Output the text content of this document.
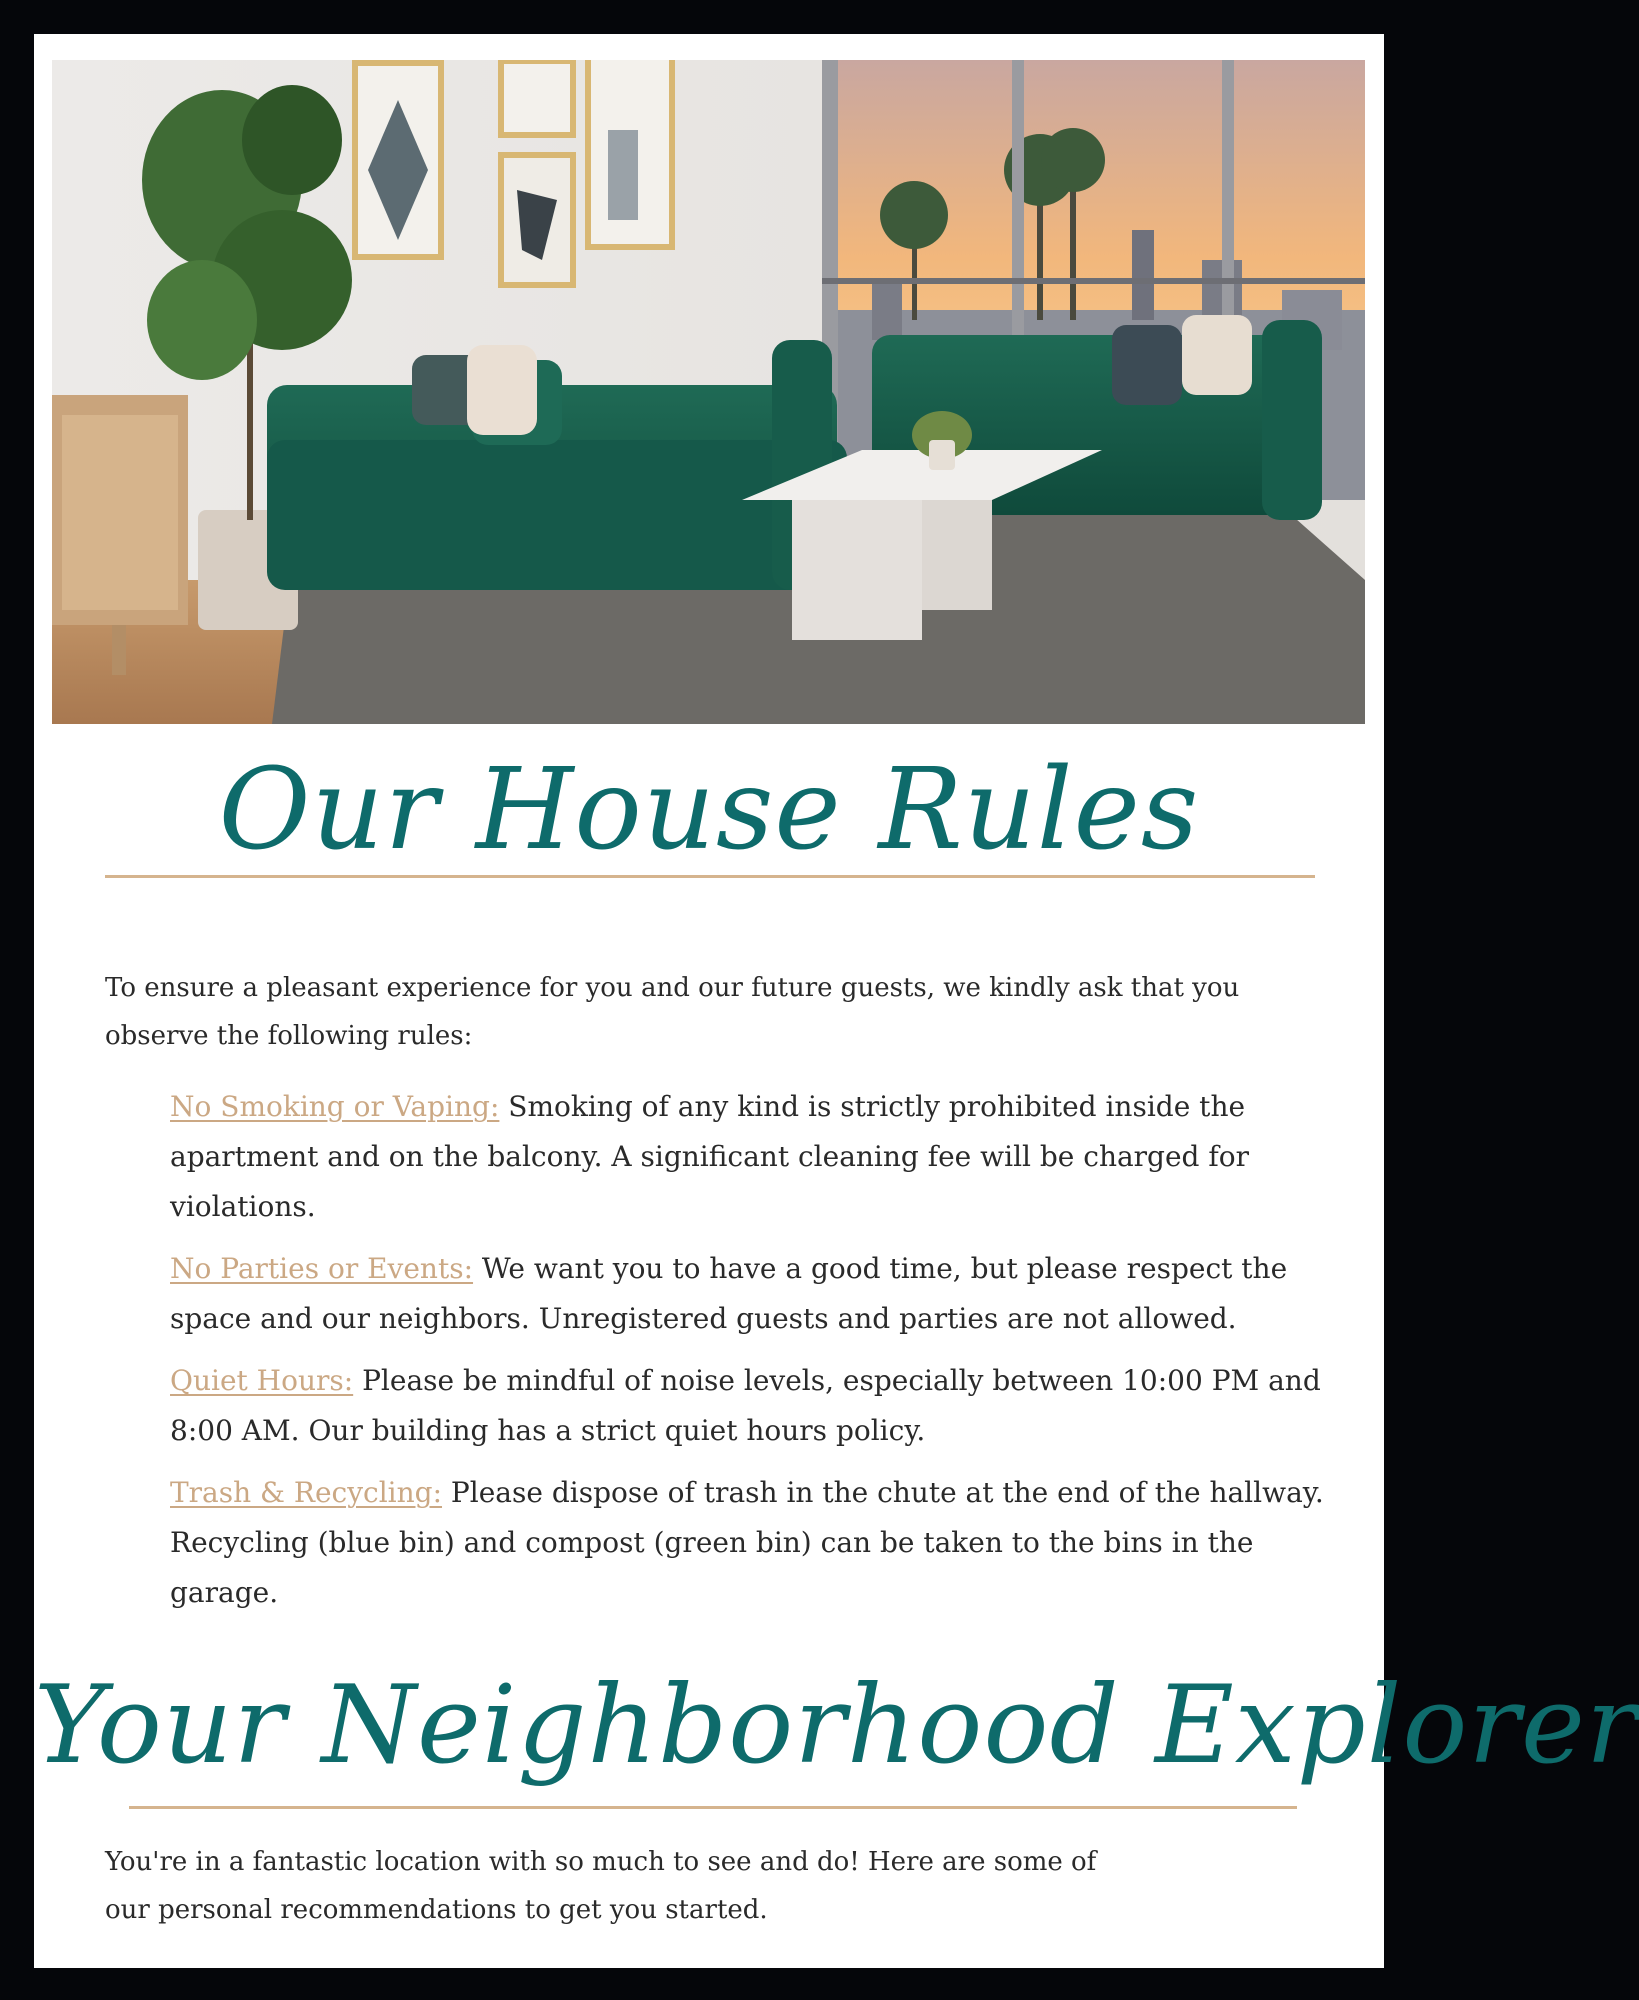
Our House Rules

To ensure a pleasant experience for you and our future guests, we kindly ask that you observe the following rules:

No Smoking or Vaping: Smoking of any kind is strictly prohibited inside the apartment and on the balcony. A significant cleaning fee will be charged for violations.
No Parties or Events: We want you to have a good time, but please respect the space and our neighbors. Unregistered guests and parties are not allowed.
Quiet Hours: Please be mindful of noise levels, especially between 10:00 PM and 8:00 AM. Our building has a strict quiet hours policy.
Trash & Recycling: Please dispose of trash in the chute at the end of the hallway. Recycling (blue bin) and compost (green bin) can be taken to the bins in the garage.
Your Neighborhood Explorer

You're in a fantastic location with so much to see and do! Here are some of our personal recommendations to get you started.
